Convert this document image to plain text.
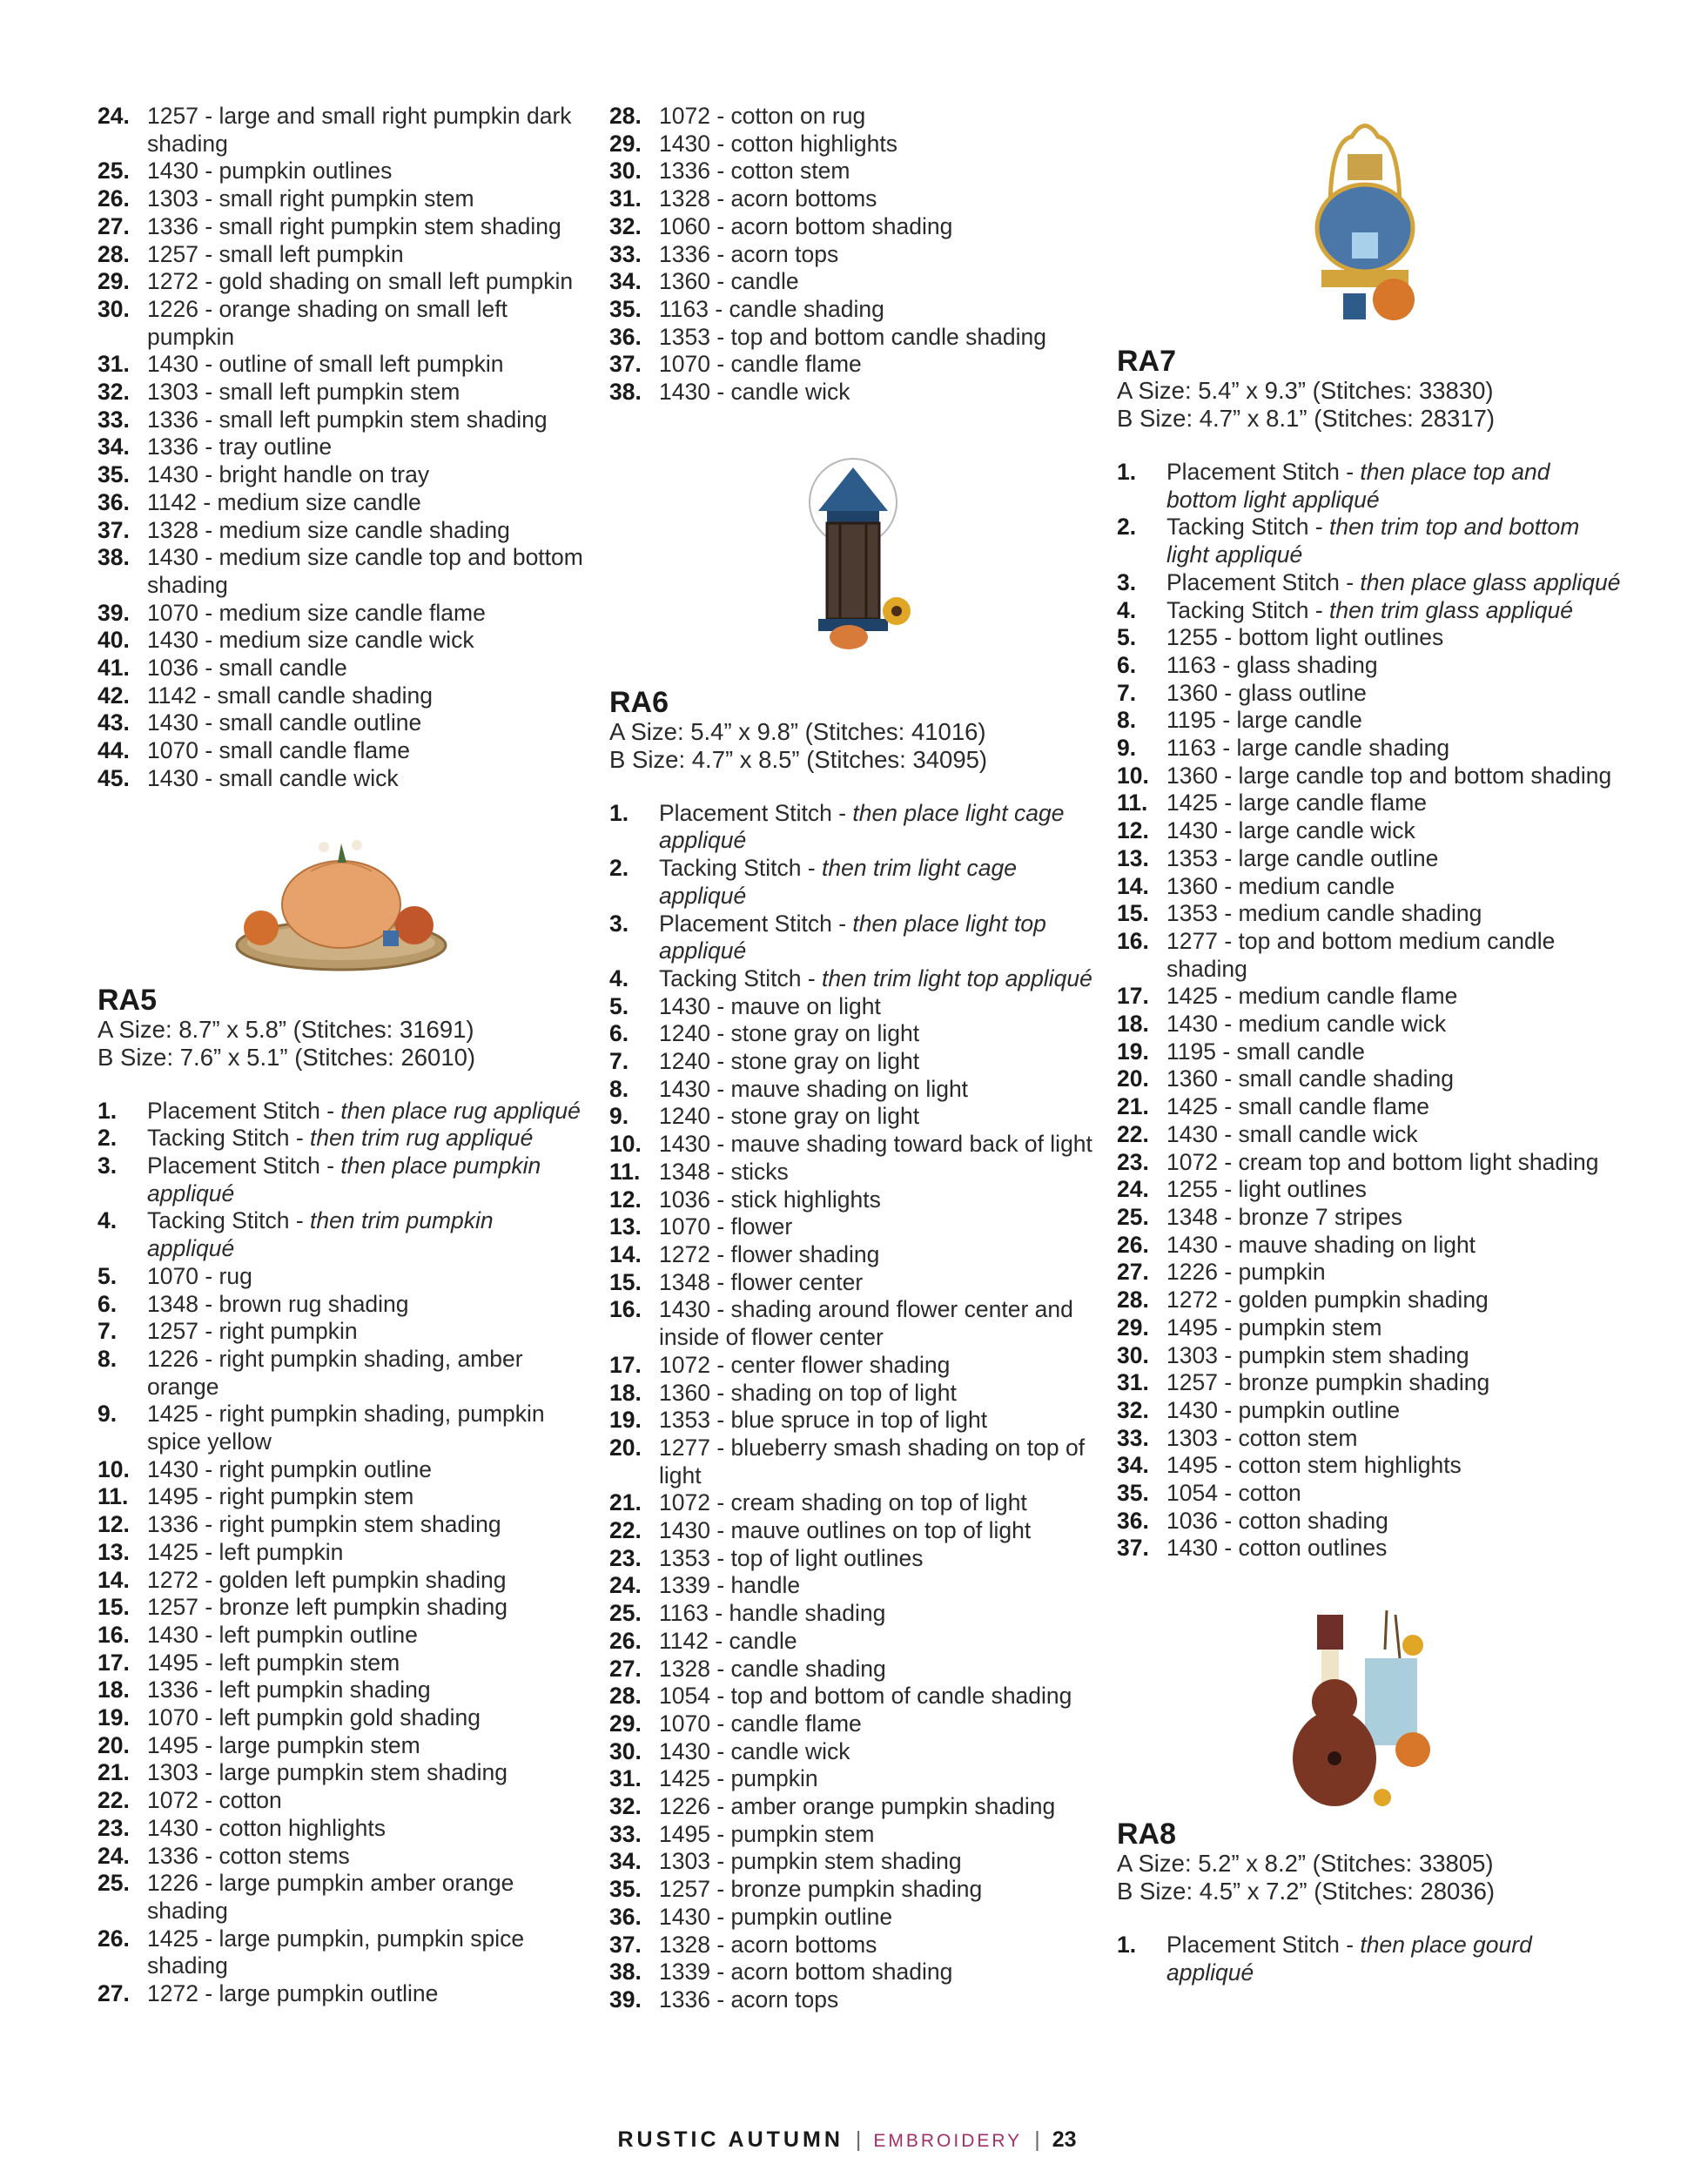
24. 1257 - large and small right pumpkin dark shading
25. 1430 - pumpkin outlines
26. 1303 - small right pumpkin stem
27. 1336 - small right pumpkin stem shading
28. 1257 - small left pumpkin
29. 1272 - gold shading on small left pumpkin
30. 1226 - orange shading on small left pumpkin
31. 1430 - outline of small left pumpkin
32. 1303 - small left pumpkin stem
33. 1336 - small left pumpkin stem shading
34. 1336 - tray outline
35. 1430 - bright handle on tray
36. 1142 - medium size candle
37. 1328 - medium size candle shading
38. 1430 - medium size candle top and bottom shading
39. 1070 - medium size candle flame
40. 1430 - medium size candle wick
41. 1036 - small candle
42. 1142 - small candle shading
43. 1430 - small candle outline
44. 1070 - small candle flame
45. 1430 - small candle wick
RA5

A Size: 8.7” x 5.8” (Stitches: 31691)

B Size: 7.6” x 5.1” (Stitches: 26010)

1. Placement Stitch - then place rug appliqué
2. Tacking Stitch - then trim rug appliqué
3. Placement Stitch - then place pumpkin appliqué
4. Tacking Stitch - then trim pumpkin appliqué
5. 1070 - rug
6. 1348 - brown rug shading
7. 1257 - right pumpkin
8. 1226 - right pumpkin shading, amber orange
9. 1425 - right pumpkin shading, pumpkin spice yellow
10. 1430 - right pumpkin outline
11. 1495 - right pumpkin stem
12. 1336 - right pumpkin stem shading
13. 1425 - left pumpkin
14. 1272 - golden left pumpkin shading
15. 1257 - bronze left pumpkin shading
16. 1430 - left pumpkin outline
17. 1495 - left pumpkin stem
18. 1336 - left pumpkin shading
19. 1070 - left pumpkin gold shading
20. 1495 - large pumpkin stem
21. 1303 - large pumpkin stem shading
22. 1072 - cotton
23. 1430 - cotton highlights
24. 1336 - cotton stems
25. 1226 - large pumpkin amber orange shading
26. 1425 - large pumpkin, pumpkin spice shading
27. 1272 - large pumpkin outline
28. 1072 - cotton on rug
29. 1430 - cotton highlights
30. 1336 - cotton stem
31. 1328 - acorn bottoms
32. 1060 - acorn bottom shading
33. 1336 - acorn tops
34. 1360 - candle
35. 1163 - candle shading
36. 1353 - top and bottom candle shading
37. 1070 - candle flame
38. 1430 - candle wick
RA6

A Size: 5.4” x 9.8” (Stitches: 41016)

B Size: 4.7” x 8.5” (Stitches: 34095)

1. Placement Stitch - then place light cage appliqué
2. Tacking Stitch - then trim light cage appliqué
3. Placement Stitch - then place light top appliqué
4. Tacking Stitch - then trim light top appliqué
5. 1430 - mauve on light
6. 1240 - stone gray on light
7. 1240 - stone gray on light
8. 1430 - mauve shading on light
9. 1240 - stone gray on light
10. 1430 - mauve shading toward back of light
11. 1348 - sticks
12. 1036 - stick highlights
13. 1070 - flower
14. 1272 - flower shading
15. 1348 - flower center
16. 1430 - shading around flower center and inside of flower center
17. 1072 - center flower shading
18. 1360 - shading on top of light
19. 1353 - blue spruce in top of light
20. 1277 - blueberry smash shading on top of light
21. 1072 - cream shading on top of light
22. 1430 - mauve outlines on top of light
23. 1353 - top of light outlines
24. 1339 - handle
25. 1163 - handle shading
26. 1142 - candle
27. 1328 - candle shading
28. 1054 - top and bottom of candle shading
29. 1070 - candle flame
30. 1430 - candle wick
31. 1425 - pumpkin
32. 1226 - amber orange pumpkin shading
33. 1495 - pumpkin stem
34. 1303 - pumpkin stem shading
35. 1257 - bronze pumpkin shading
36. 1430 - pumpkin outline
37. 1328 - acorn bottoms
38. 1339 - acorn bottom shading
39. 1336 - acorn tops
RA7

A Size: 5.4” x 9.3” (Stitches: 33830)

B Size: 4.7” x 8.1” (Stitches: 28317)

1. Placement Stitch - then place top and bottom light appliqué
2. Tacking Stitch - then trim top and bottom light appliqué
3. Placement Stitch - then place glass appliqué
4. Tacking Stitch - then trim glass appliqué
5. 1255 - bottom light outlines
6. 1163 - glass shading
7. 1360 - glass outline
8. 1195 - large candle
9. 1163 - large candle shading
10. 1360 - large candle top and bottom shading
11. 1425 - large candle flame
12. 1430 - large candle wick
13. 1353 - large candle outline
14. 1360 - medium candle
15. 1353 - medium candle shading
16. 1277 - top and bottom medium candle shading
17. 1425 - medium candle flame
18. 1430 - medium candle wick
19. 1195 - small candle
20. 1360 - small candle shading
21. 1425 - small candle flame
22. 1430 - small candle wick
23. 1072 - cream top and bottom light shading
24. 1255 - light outlines
25. 1348 - bronze 7 stripes
26. 1430 - mauve shading on light
27. 1226 - pumpkin
28. 1272 - golden pumpkin shading
29. 1495 - pumpkin stem
30. 1303 - pumpkin stem shading
31. 1257 - bronze pumpkin shading
32. 1430 - pumpkin outline
33. 1303 - cotton stem
34. 1495 - cotton stem highlights
35. 1054 - cotton
36. 1036 - cotton shading
37. 1430 - cotton outlines
RA8

A Size: 5.2” x 8.2” (Stitches: 33805)

B Size: 4.5” x 7.2” (Stitches: 28036)

1. Placement Stitch - then place gourd appliqué
RUSTIC AUTUMN | EMBROIDERY | 23
